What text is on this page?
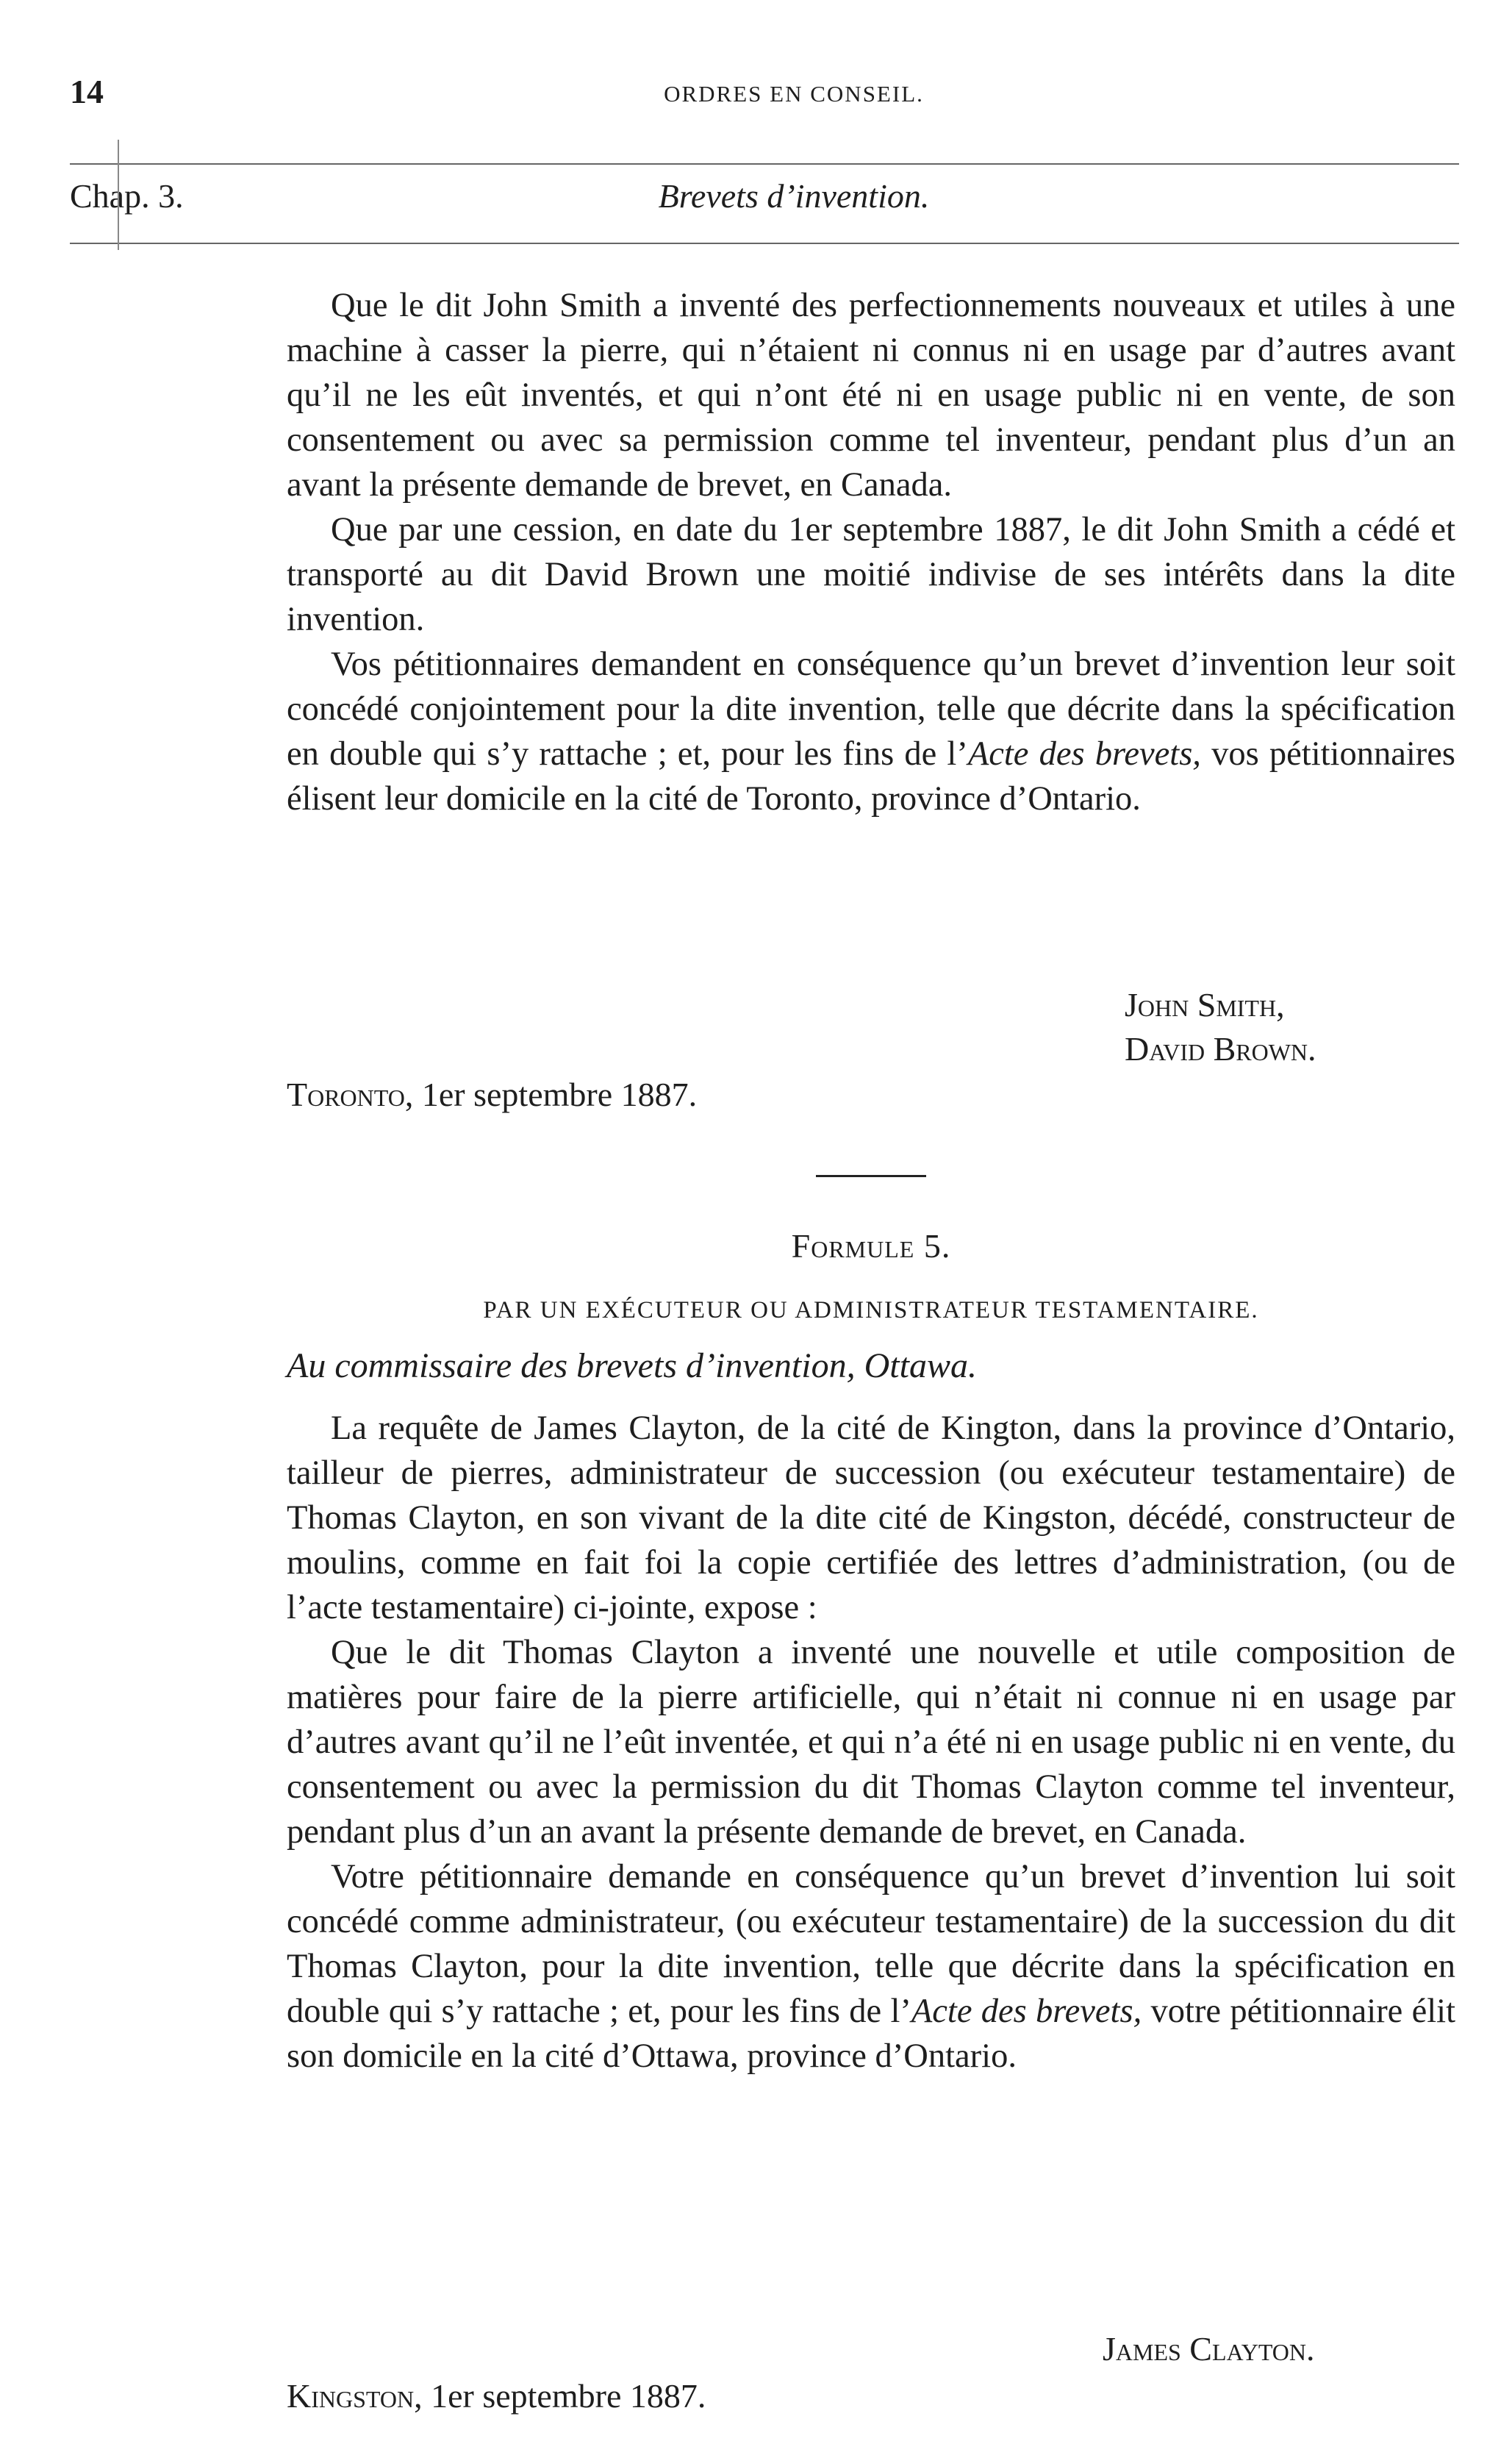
14	ORDRES EN CONSEIL.
Chap. 3.	Brevets d’invention.

Que le dit John Smith a inventé des perfectionnements nouveaux et utiles à une machine à casser la pierre, qui n’étaient ni connus ni en usage par d’autres avant qu’il ne les eût inventés, et qui n’ont été ni en usage public ni en vente, de son consentement ou avec sa permission comme tel inventeur, pendant plus d’un an avant la présente demande de brevet, en Canada.

Que par une cession, en date du 1er septembre 1887, le dit John Smith a cédé et transporté au dit David Brown une moitié indivise de ses intérêts dans la dite invention.

Vos pétitionnaires demandent en conséquence qu’un brevet d’invention leur soit concédé conjointement pour la dite invention, telle que décrite dans la spécification en double qui s’y rattache ; et, pour les fins de l’Acte des brevets, vos pétitionnaires élisent leur domicile en la cité de Toronto, province d’Ontario.

John Smith,
David Brown.
Toronto, 1er septembre 1887.
Formule 5.
PAR UN EXÉCUTEUR OU ADMINISTRATEUR TESTAMENTAIRE.
Au commissaire des brevets d’invention, Ottawa.

La requête de James Clayton, de la cité de Kington, dans la province d’Ontario, tailleur de pierres, administrateur de succession (ou exécuteur testamentaire) de Thomas Clayton, en son vivant de la dite cité de Kingston, décédé, constructeur de moulins, comme en fait foi la copie certifiée des lettres d’administration, (ou de l’acte testamentaire) ci-jointe, expose :

Que le dit Thomas Clayton a inventé une nouvelle et utile composition de matières pour faire de la pierre artificielle, qui n’était ni connue ni en usage par d’autres avant qu’il ne l’eût inventée, et qui n’a été ni en usage public ni en vente, du consentement ou avec la permission du dit Thomas Clayton comme tel inventeur, pendant plus d’un an avant la présente demande de brevet, en Canada.

Votre pétitionnaire demande en conséquence qu’un brevet d’invention lui soit concédé comme administrateur, (ou exécuteur testamentaire) de la succession du dit Thomas Clayton, pour la dite invention, telle que décrite dans la spécification en double qui s’y rattache ; et, pour les fins de l’Acte des brevets, votre pétitionnaire élit son domicile en la cité d’Ottawa, province d’Ontario.

James Clayton.
Kingston, 1er septembre 1887.
